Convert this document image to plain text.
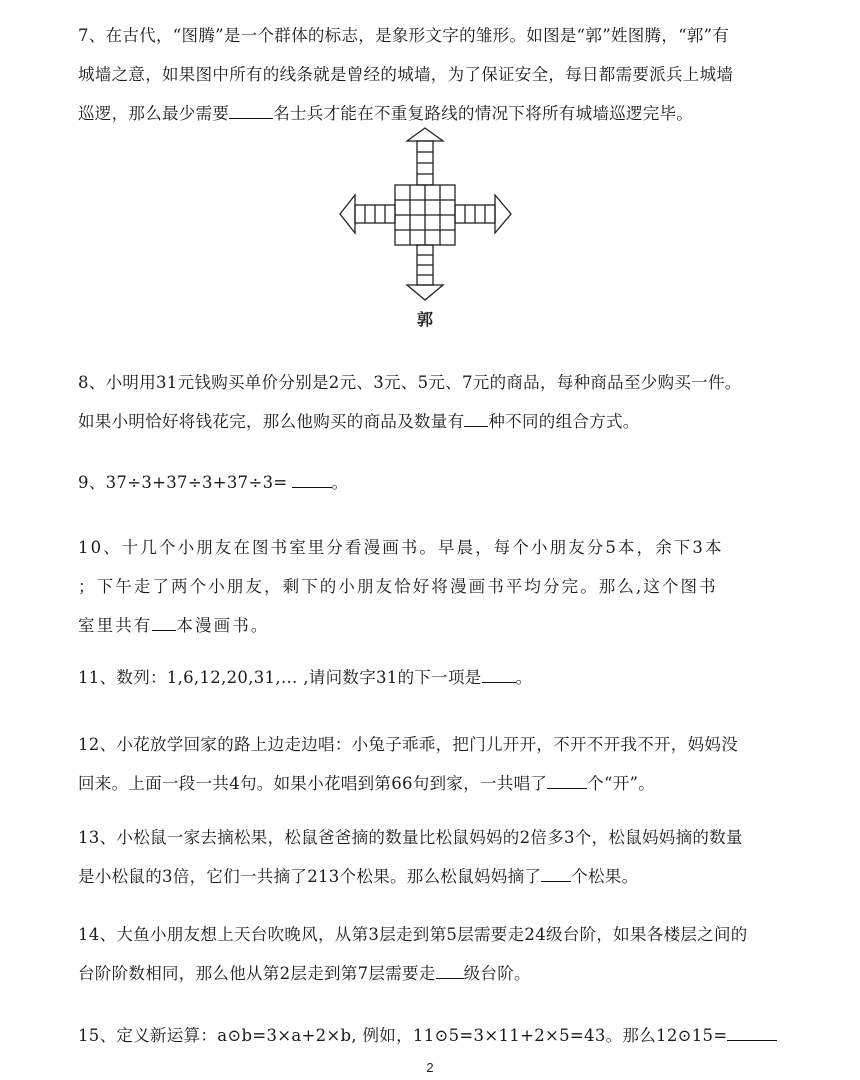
7、在古代，“图腾”是一个群体的标志，是象形文字的雏形。如图是“郭”姓图腾，“郭”有

城墙之意，如果图中所有的线条就是曾经的城墙，为了保证安全，每日都需要派兵上城墙

巡逻，那么最少需要	名士兵才能在不重复路线的情况下将所有城墙巡逻完毕。

郭

8、小明用31元钱购买单价分别是2元、3元、5元、7元的商品，每种商品至少购买一件。

如果小明恰好将钱花完，那么他购买的商品及数量有 种不同的组合方式。

9、37÷3+37÷3+37÷3=	。

10、十几个小朋友在图书室里分看漫画书。早晨，每个小朋友分5本，余下3本

；下午走了两个小朋友，剩下的小朋友恰好将漫画书平均分完。那么,这个图书

室里共有 本漫画书。

11、数列：1,6,12,20,31,… ,请问数字31的下一项是 。

12、小花放学回家的路上边走边唱：小兔子乖乖，把门儿开开，不开不开我不开，妈妈没

回来。上面一段一共4句。如果小花唱到第66句到家，一共唱了 个“开”。

13、小松鼠一家去摘松果，松鼠爸爸摘的数量比松鼠妈妈的2倍多3个，松鼠妈妈摘的数量

是小松鼠的3倍，它们一共摘了213个松果。那么松鼠妈妈摘了 个松果。

14、大鱼小朋友想上天台吹晚风，从第3层走到第5层需要走24级台阶，如果各楼层之间的

台阶阶数相同，那么他从第2层走到第7层需要走 级台阶。

15、定义新运算：a⊙b=3×a+2×b, 例如，11⊙5=3×11+2×5=43。那么12⊙15=

2
